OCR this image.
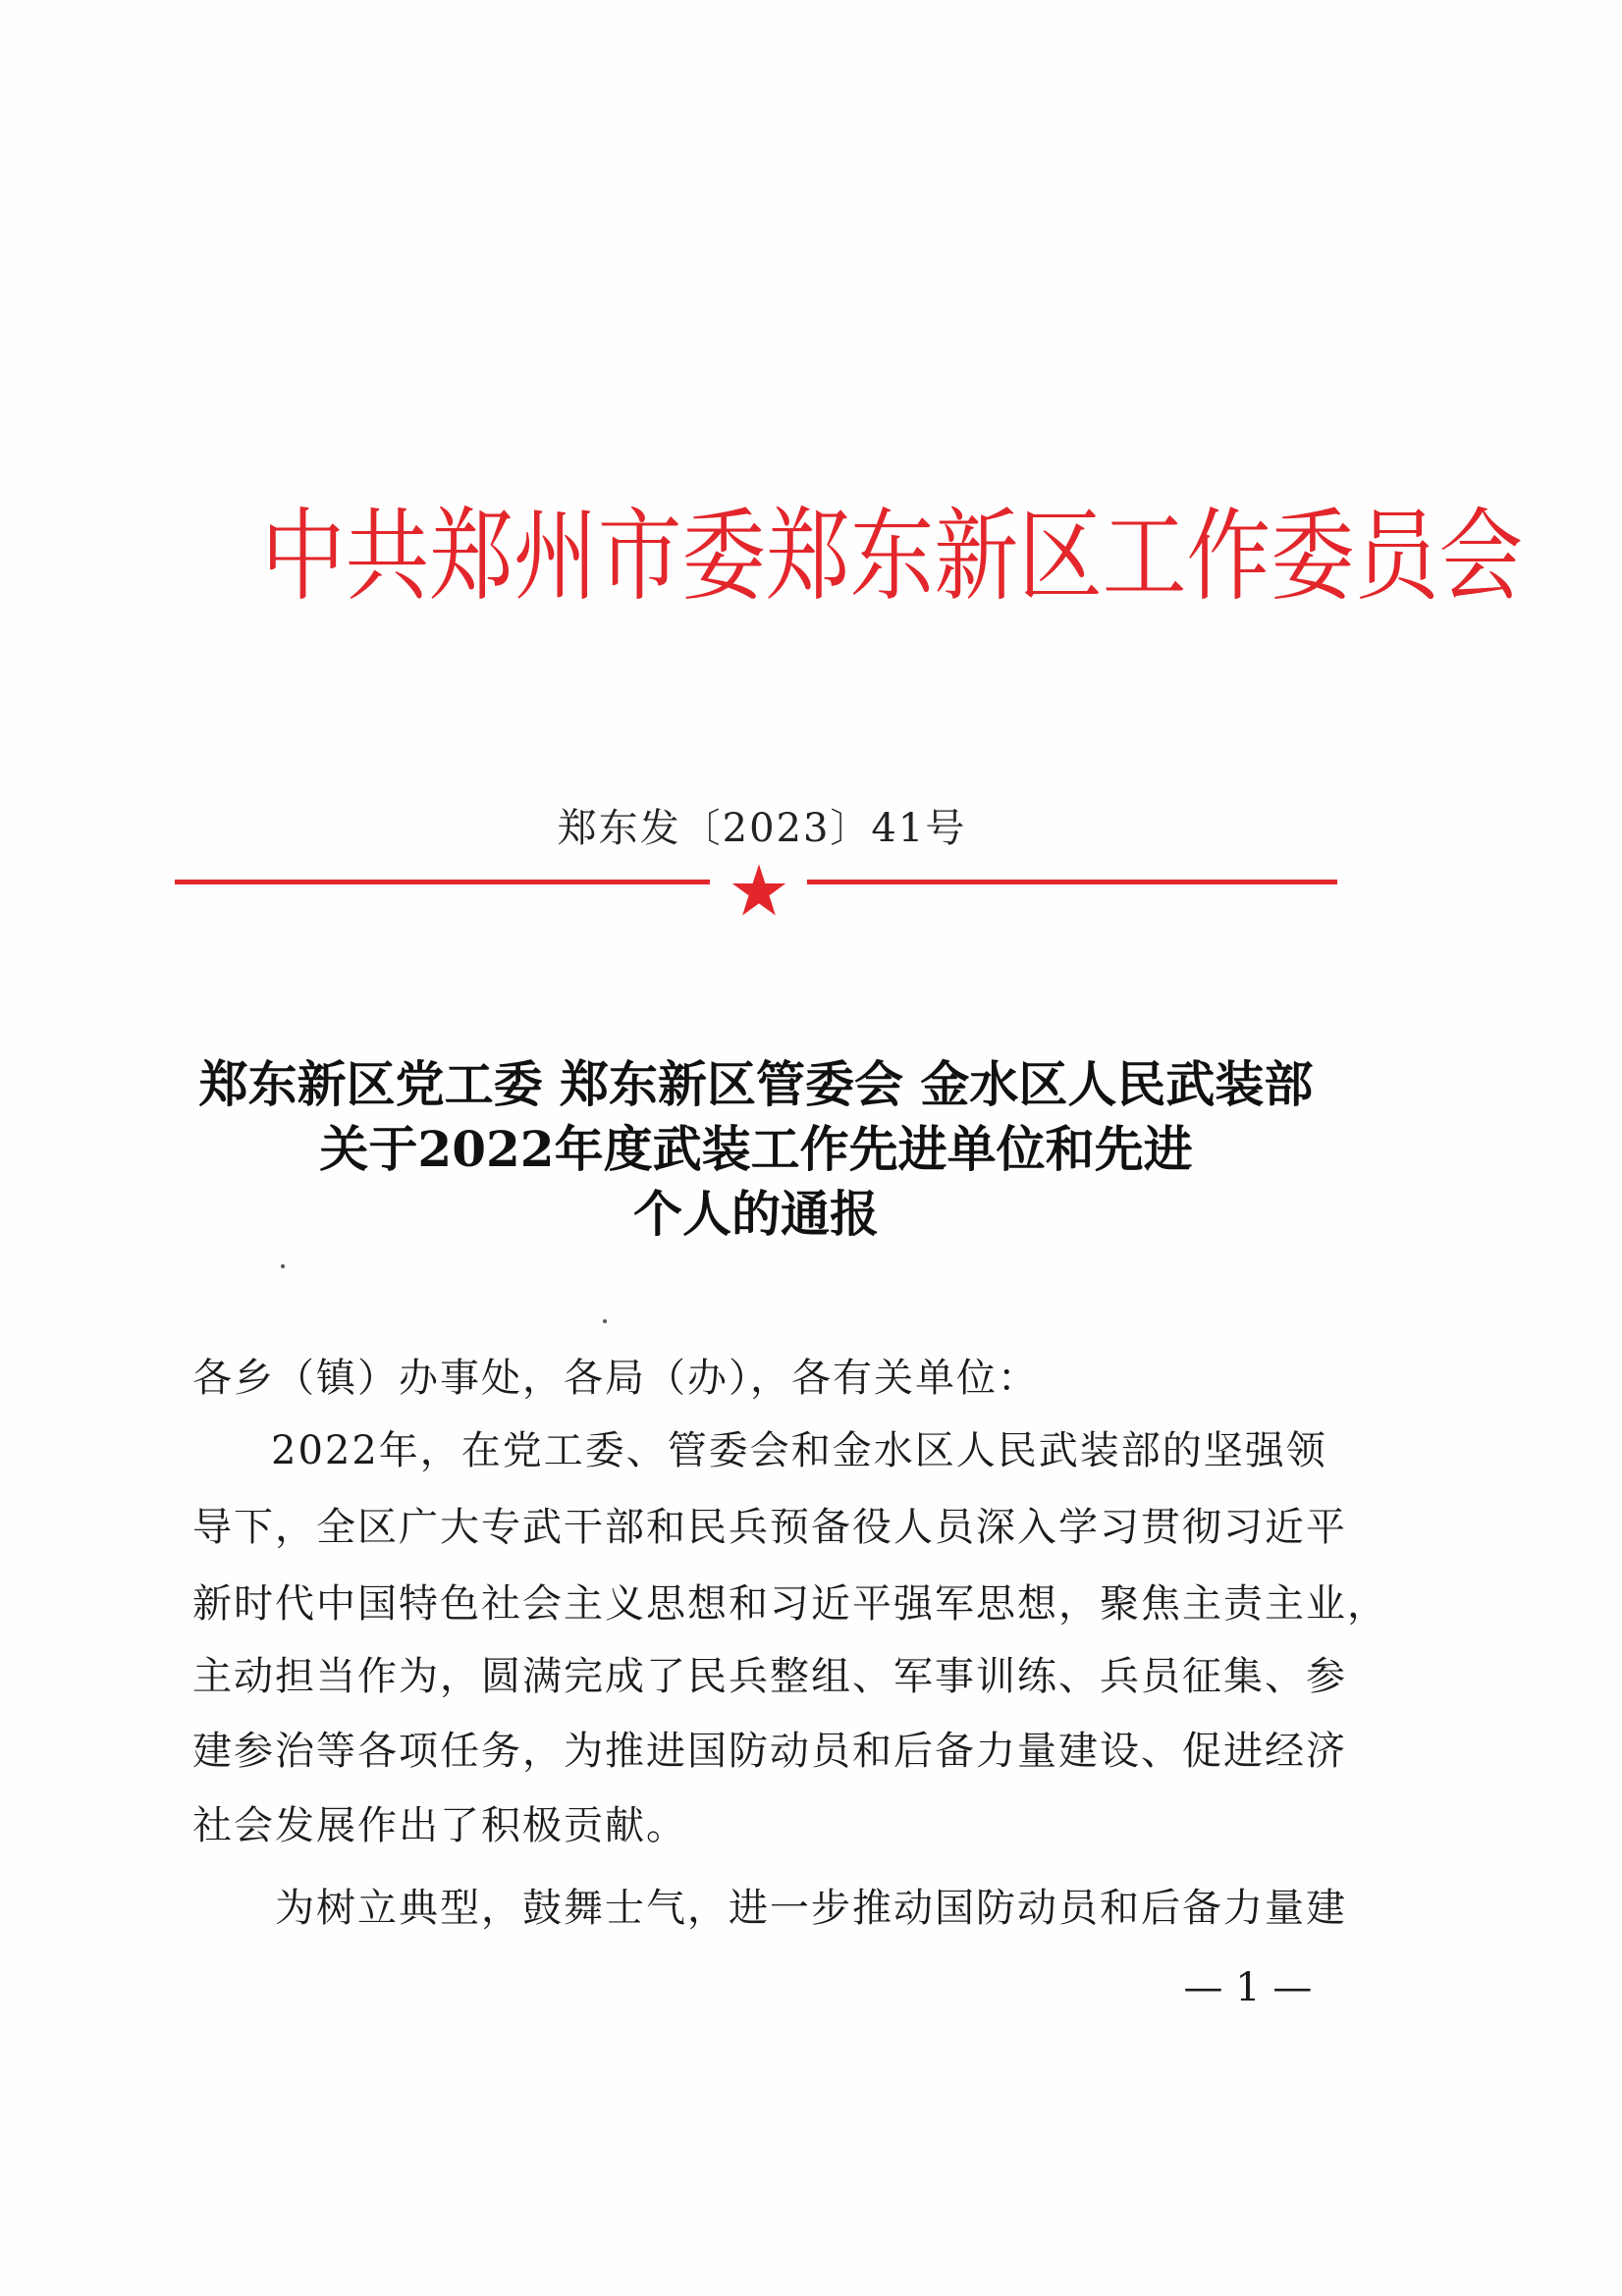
中共郑州市委郑东新区工作委员会
郑东发〔2023〕41号
郑东新区党工委 郑东新区管委会 金水区人民武装部
关于2022年度武装工作先进单位和先进
个人的通报
各乡（镇）办事处，各局（办），各有关单位：
2022年，在党工委、管委会和金水区人民武装部的坚强领
导下，全区广大专武干部和民兵预备役人员深入学习贯彻习近平
新时代中国特色社会主义思想和习近平强军思想，聚焦主责主业，
主动担当作为，圆满完成了民兵整组、军事训练、兵员征集、参
建参治等各项任务，为推进国防动员和后备力量建设、促进经济
社会发展作出了积极贡献。
为树立典型，鼓舞士气，进一步推动国防动员和后备力量建
— 1 —
